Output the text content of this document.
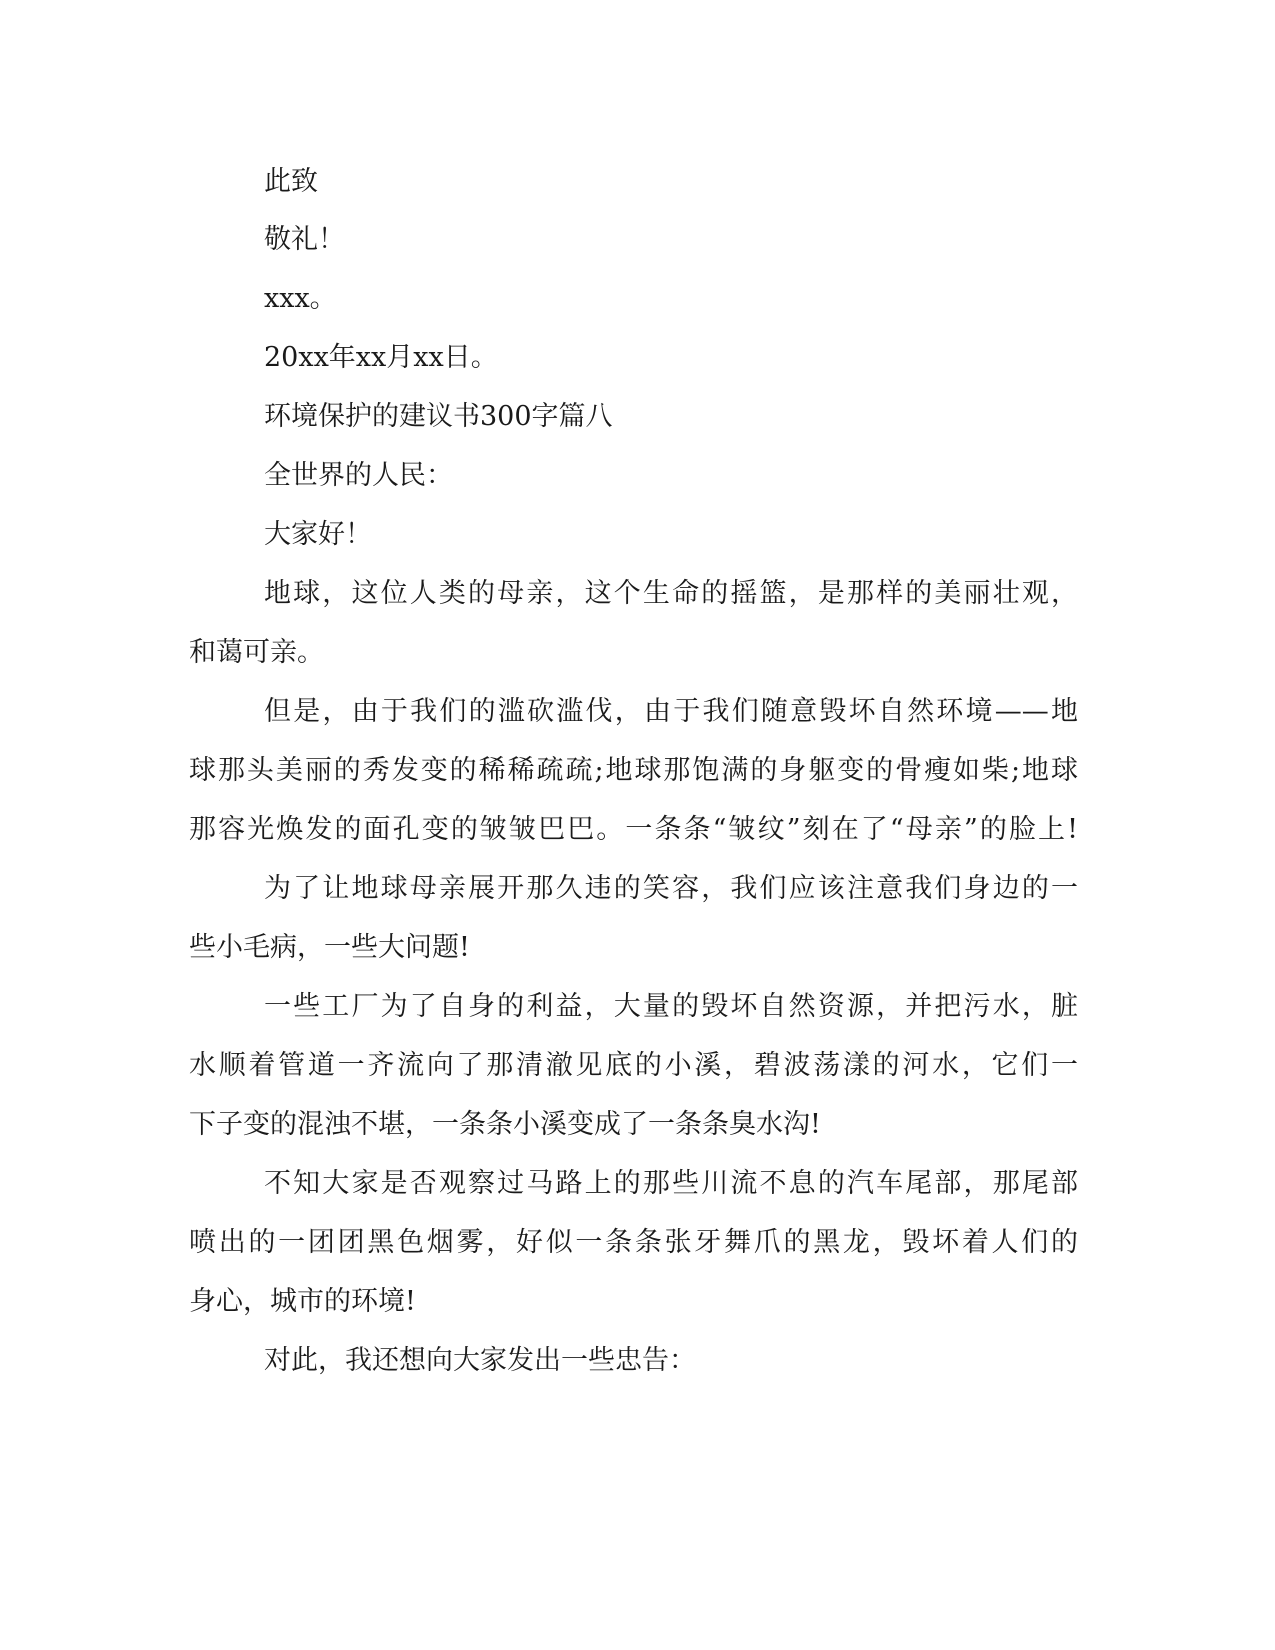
此致
敬礼！
xxx。
20xx年xx月xx日。
环境保护的建议书300字篇八
全世界的人民：
大家好！
地球，这位人类的母亲，这个生命的摇篮，是那样的美丽壮观，
和蔼可亲。
但是，由于我们的滥砍滥伐，由于我们随意毁坏自然环境——地
球那头美丽的秀发变的稀稀疏疏;地球那饱满的身躯变的骨瘦如柴;地球
那容光焕发的面孔变的皱皱巴巴。一条条“皱纹”刻在了“母亲”的脸上!
为了让地球母亲展开那久违的笑容，我们应该注意我们身边的一
些小毛病，一些大问题!
一些工厂为了自身的利益，大量的毁坏自然资源，并把污水，脏
水顺着管道一齐流向了那清澈见底的小溪，碧波荡漾的河水，它们一
下子变的混浊不堪，一条条小溪变成了一条条臭水沟!
不知大家是否观察过马路上的那些川流不息的汽车尾部，那尾部
喷出的一团团黑色烟雾，好似一条条张牙舞爪的黑龙，毁坏着人们的
身心，城市的环境!
对此，我还想向大家发出一些忠告：
